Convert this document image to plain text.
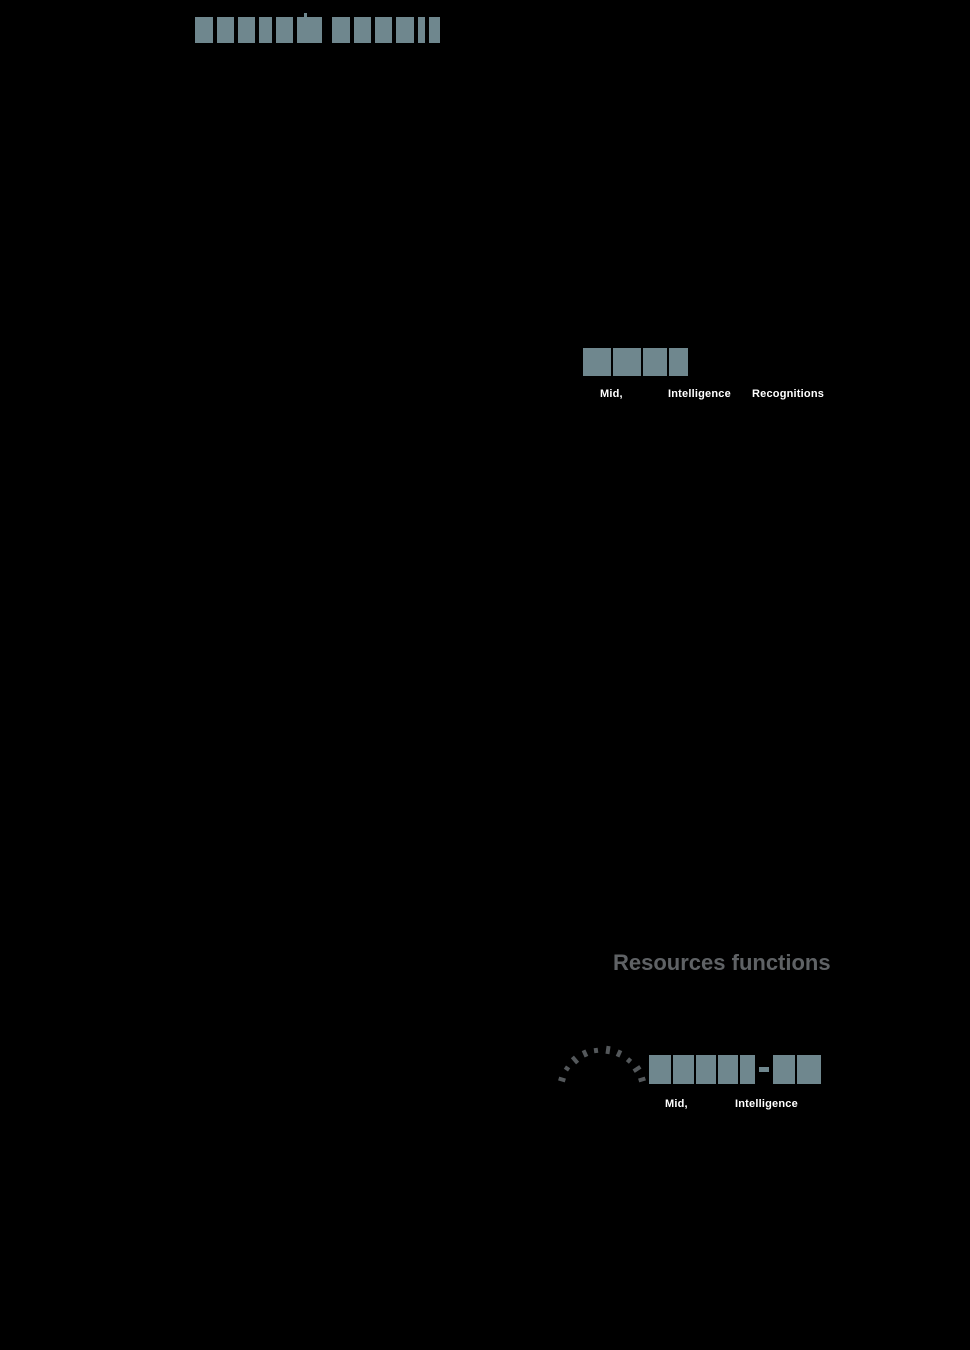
Mid,	Intelligence Recognitions
Resources functions
Mid,	Intelligence
